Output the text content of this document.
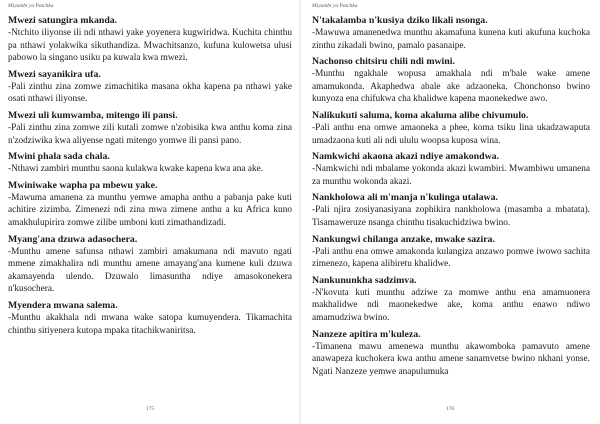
Miyambi ya Patchka

Mwezi satungira mkanda.

-Ntchito iliyonse ili ndi nthawi yake yoyenera kugwiridwa. Kuchita chinthu pa nthawi yolakwika sikuthandiza. Mwachitsanzo, kufuna kulowetsa ulusi pabowo la singano usiku pa kuwala kwa mwezi.

Mwezi sayanikira ufa.

-Pali zinthu zina zomwe zimachitika masana okha kapena pa nthawi yake osati nthawi iliyonse.

Mwezi uli kumwamba, mitengo ili pansi.

-Pali zinthu zina zomwe zili kutali zomwe n'zobisika kwa anthu koma zina n'zodziwika kwa aliyense ngati mitengo yomwe ili pansi pano.

Mwini phala sada chala.

-Nthawi zambiri munthu saona kulakwa kwake kapena kwa ana ake.

Mwiniwake wapha pa mbewu yake.

-Mawuma amanena za munthu yemwe amapha anthu a pabanja pake kuti achitire zizimba. Zimenezi ndi zina mwa zimene anthu a ku Africa kuno amakhulupirira zomwe zilibe umboni kuti zimathandizadi.

Myang'ana dzuwa adasochera.

-Munthu amene safunsa nthawi zambiri amakumana ndi mavuto ngati mmene zimakhalira ndi munthu amene amayang'ana kumene kuli dzuwa akamayenda ulendo. Dzuwalo limasuntha ndiye amasokonekera n'kusochera.

Myendera mwana salema.

-Munthu akakhala ndi mwana wake satopa kumuyendera. Tikamachita chinthu sitiyenera kutopa mpaka titachikwaniritsa.

175
Miyambi ya Patchka

N'takalamba n'kusiya dziko likali nsonga.

-Mawuwa amanenedwa munthu akamafuna kunena kuti akufuna kuchoka zinthu zikadali bwino, pamalo pasanaipe.

Nachonso chitsiru chili ndi mwini.

-Munthu ngakhale wopusa amakhala ndi m'bale wake amene amamukonda. Akaphedwa abale ake adzaoneka. Chonchonso bwino kunyoza ena chifukwa cha khalidwe kapena maonekedwe awo.

Nalikukuti saluma, koma akaluma alibe chivumulo.

-Pali anthu ena omwe amaoneka a phee, koma tsiku lina ukadzawaputa umadzaona kuti ali ndi ululu woopsa kuposa wina.

Namkwichi akaona akazi ndiye amakondwa.

-Namkwichi ndi mbalame yokonda akazi kwambiri. Mwambiwu umanena za munthu wokonda akazi.

Nankholowa ali m'manja n'kulinga utalawa.

-Pali njira zosiyanasiyana zophikira nankholowa (masamba a mbatata). Tisamaweruze nsanga chinthu tisakuchidziwa bwino.

Nankungwi chilanga anzake, mwake sazira.

-Pali anthu ena omwe amakonda kulangiza anzawo pomwe iwowo sachita zimenezo, kapena alibiretu khalidwe.

Nankununkha sadzimva.

-N'kovuta kuti munthu adziwe za momwe anthu ena amamuonera makhalidwe ndi maonekedwe ake, koma anthu enawo ndiwo amamudziwa bwino.

Nanzeze apitira m'kuleza.

-Timanena mawu amenewa munthu akawomboka pamavuto amene anawapeza kuchokera kwa anthu amene sanamvetse bwino nkhani yonse. Ngati Nanzeze yemwe anapulumuka

176
